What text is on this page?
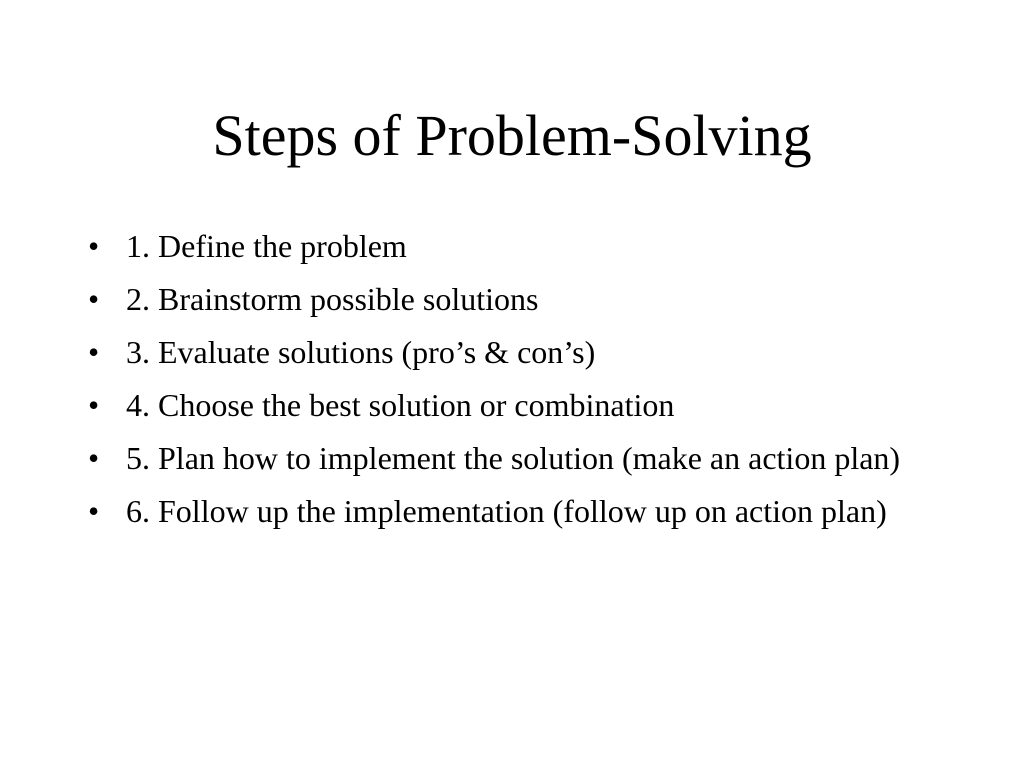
Steps of Problem-Solving
• 1. Define the problem
• 2. Brainstorm possible solutions
• 3. Evaluate solutions (pro’s & con’s)
• 4. Choose the best solution or combination
• 5. Plan how to implement the solution (make an action plan)
• 6. Follow up the implementation (follow up on action plan)
